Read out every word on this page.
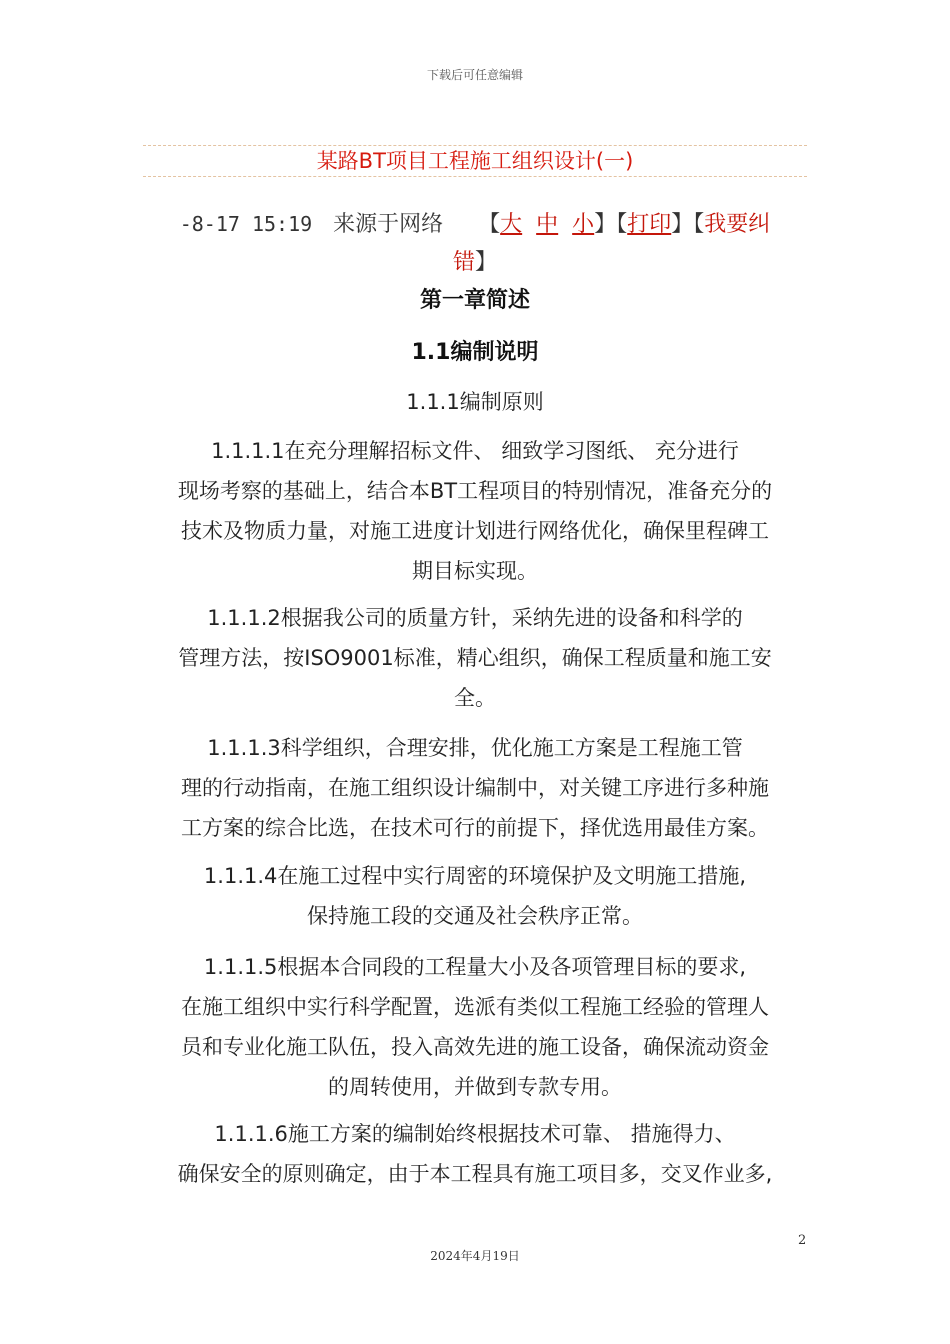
下载后可任意编辑
某路BT项目工程施工组织设计(一)
-8-17 15:19 来源于网络 【大 中 小】【打印】【我要纠
错】
第一章简述
1.1编制说明
1.1.1编制原则
1.1.1.1在充分理解招标文件、 细致学习图纸、 充分进行
现场考察的基础上，结合本BT工程项目的特别情况，准备充分的
技术及物质力量，对施工进度计划进行网络优化，确保里程碑工
期目标实现。
1.1.1.2根据我公司的质量方针，采纳先进的设备和科学的
管理方法，按ISO9001标准，精心组织，确保工程质量和施工安
全。
1.1.1.3科学组织，合理安排，优化施工方案是工程施工管
理的行动指南，在施工组织设计编制中，对关键工序进行多种施
工方案的综合比选，在技术可行的前提下，择优选用最佳方案。
1.1.1.4在施工过程中实行周密的环境保护及文明施工措施,
保持施工段的交通及社会秩序正常。
1.1.1.5根据本合同段的工程量大小及各项管理目标的要求,
在施工组织中实行科学配置，选派有类似工程施工经验的管理人
员和专业化施工队伍，投入高效先进的施工设备，确保流动资金
的周转使用，并做到专款专用。
1.1.1.6施工方案的编制始终根据技术可靠、 措施得力、
确保安全的原则确定，由于本工程具有施工项目多，交叉作业多,
2
2024年4月19日
